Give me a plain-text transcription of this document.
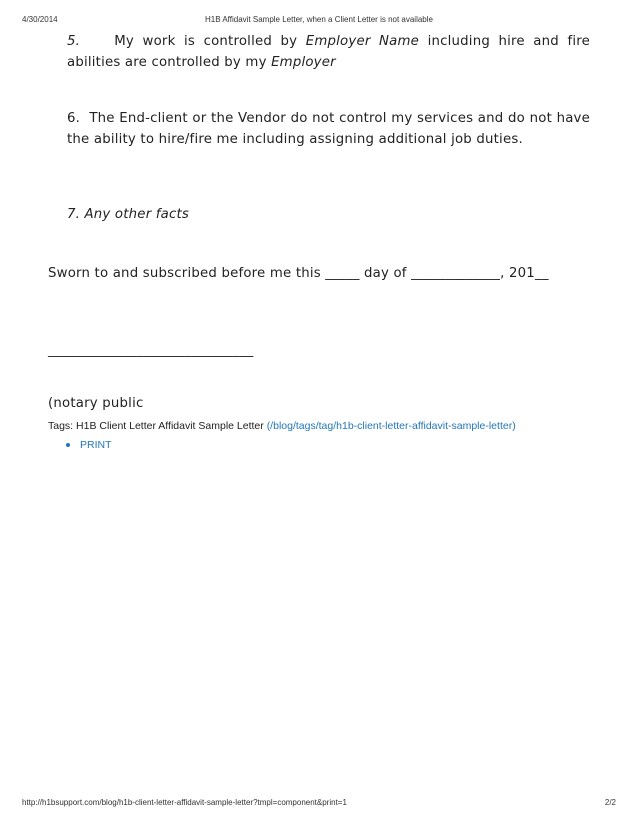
4/30/2014	H1B Affidavit Sample Letter, when a Client Letter is not available
5.	My work is controlled by Employer Name including hire and fire abilities are controlled by my Employer
6. The End-client or the Vendor do not control my services and do not have the ability to hire/fire me including assigning additional job duties.
7. Any other facts
Sworn to and subscribed before me this _____ day of _____________, 201__
______________________________
(notary public
Tags: H1B Client Letter Affidavit Sample Letter (/blog/tags/tag/h1b-client-letter-affidavit-sample-letter)
PRINT
http://h1bsupport.com/blog/h1b-client-letter-affidavit-sample-letter?tmpl=component&print=1	2/2
